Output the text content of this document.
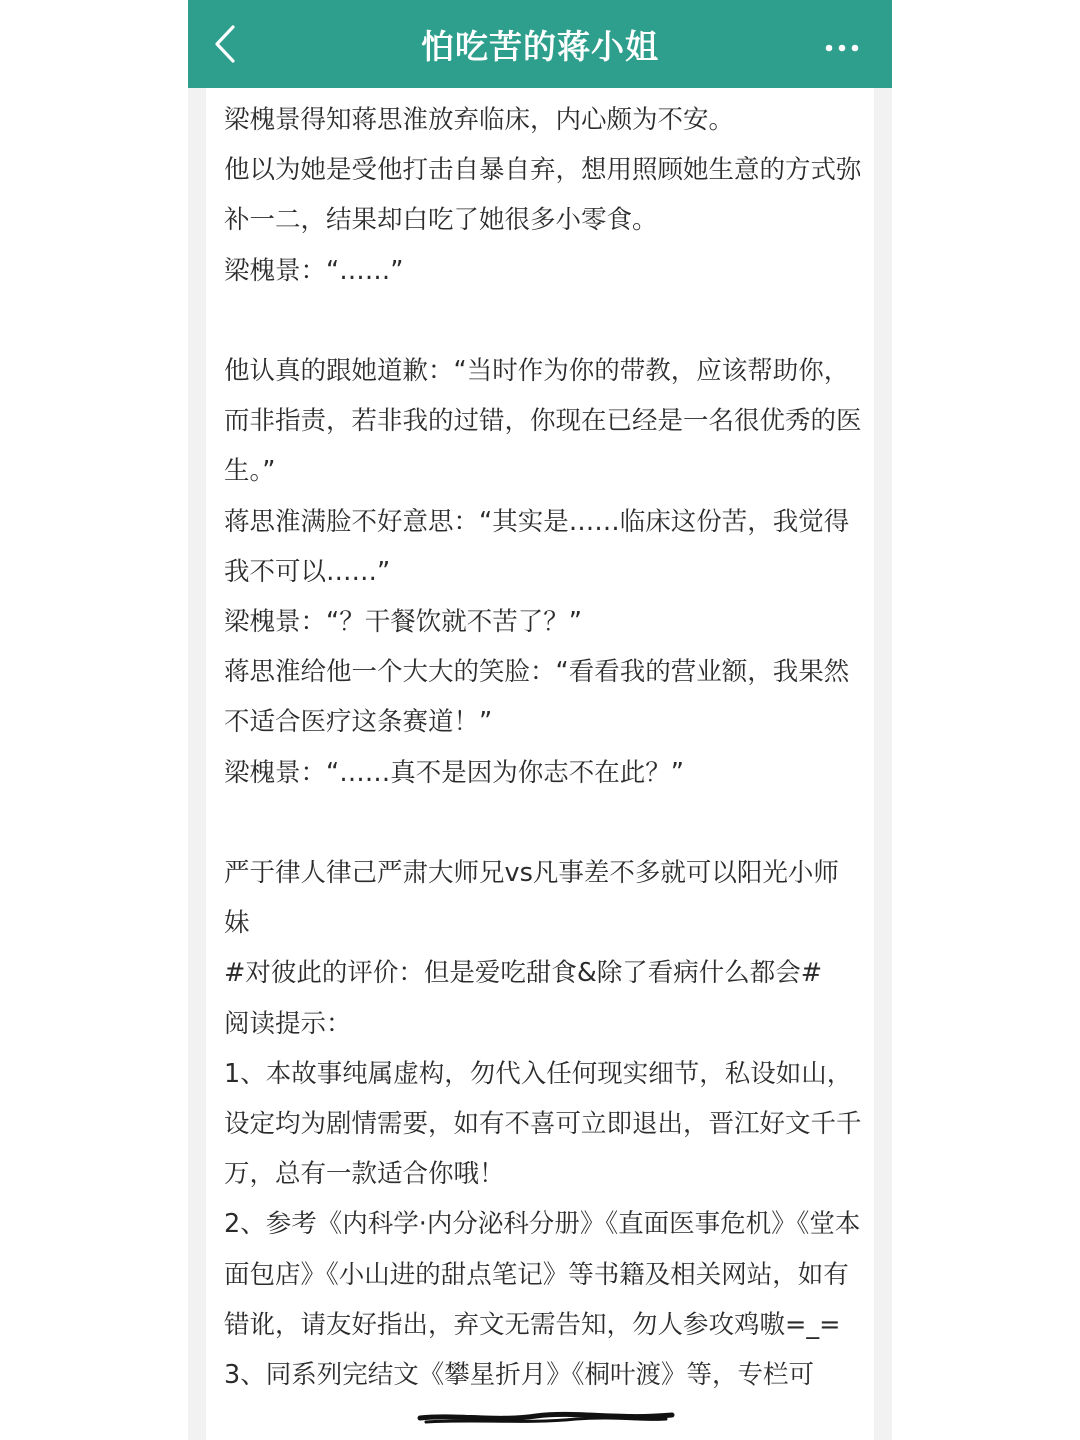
怕吃苦的蒋小姐

梁槐景得知蒋思淮放弃临床，内心颇为不安。

他以为她是受他打击自暴自弃，想用照顾她生意的方式弥补一二，结果却白吃了她很多小零食。

梁槐景：“……”

他认真的跟她道歉：“当时作为你的带教，应该帮助你，而非指责，若非我的过错，你现在已经是一名很优秀的医生。”

蒋思淮满脸不好意思：“其实是……临床这份苦，我觉得我不可以……”

梁槐景：“？干餐饮就不苦了？”

蒋思淮给他一个大大的笑脸：“看看我的营业额，我果然不适合医疗这条赛道！”

梁槐景：“……真不是因为你志不在此？”

严于律人律己严肃大师兄vs凡事差不多就可以阳光小师妹

#对彼此的评价：但是爱吃甜食&除了看病什么都会#

阅读提示：

1、本故事纯属虚构，勿代入任何现实细节，私设如山，设定均为剧情需要，如有不喜可立即退出，晋江好文千千万，总有一款适合你哦！

2、参考《内科学·内分泌科分册》《直面医事危机》《堂本面包店》《小山进的甜点笔记》等书籍及相关网站，如有错讹，请友好指出，弃文无需告知，勿人参攻鸡嗷=_=

3、同系列完结文《攀星折月》《桐叶渡》等，专栏可
